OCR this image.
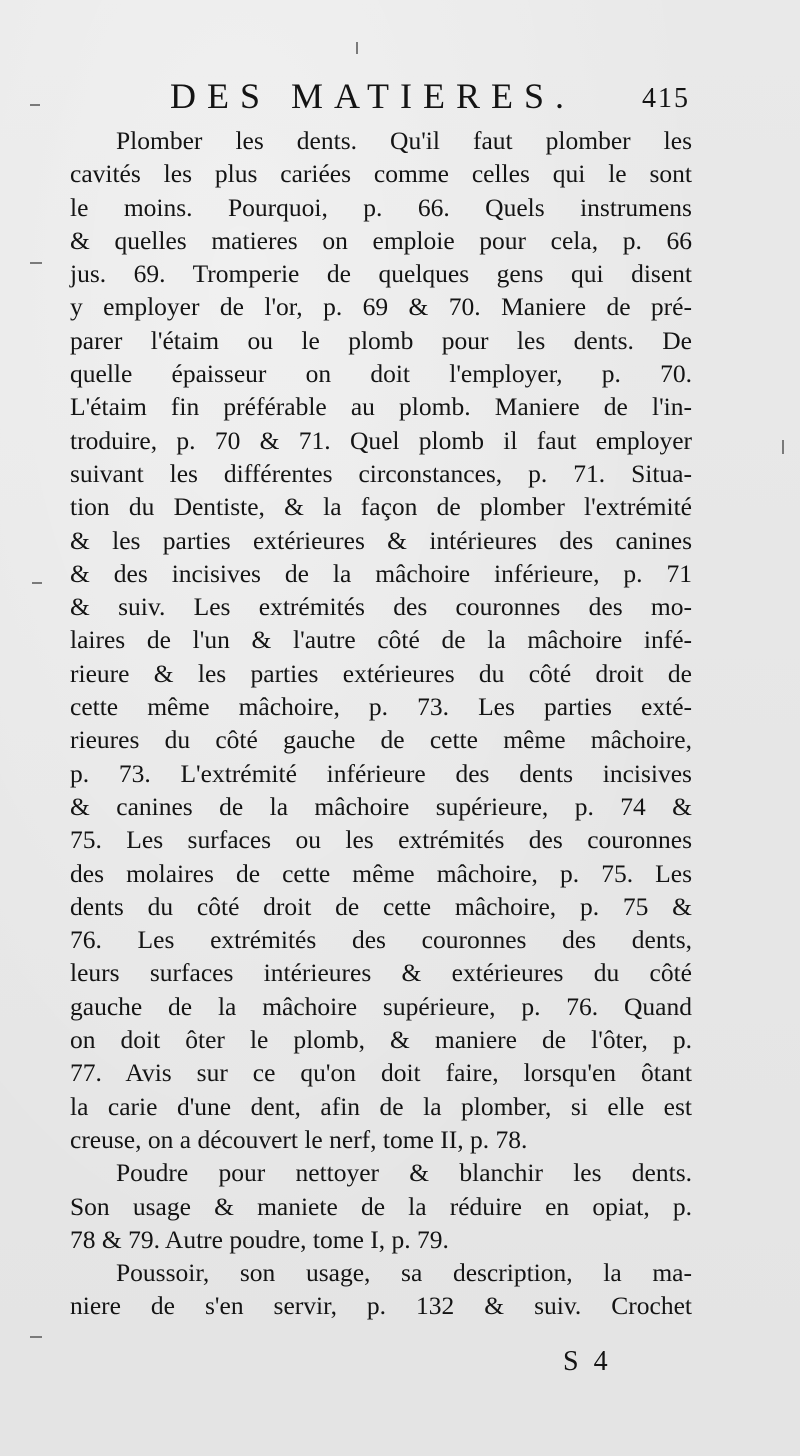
DES MATIERES. 415
Plomber les dents. Qu'il faut plomber les
cavités les plus cariées comme celles qui le sont
le moins. Pourquoi, p. 66. Quels instrumens
& quelles matieres on emploie pour cela, p. 66
jus. 69. Tromperie de quelques gens qui disent
y employer de l'or, p. 69 & 70. Maniere de pré-
parer l'étaim ou le plomb pour les dents. De
quelle épaisseur on doit l'employer, p. 70.
L'étaim fin préférable au plomb. Maniere de l'in-
troduire, p. 70 & 71. Quel plomb il faut employer
suivant les différentes circonstances, p. 71. Situa-
tion du Dentiste, & la façon de plomber l'extrémité
& les parties extérieures & intérieures des canines
& des incisives de la mâchoire inférieure, p. 71
& suiv. Les extrémités des couronnes des mo-
laires de l'un & l'autre côté de la mâchoire infé-
rieure & les parties extérieures du côté droit de
cette même mâchoire, p. 73. Les parties exté-
rieures du côté gauche de cette même mâchoire,
p. 73. L'extrémité inférieure des dents incisives
& canines de la mâchoire supérieure, p. 74 &
75. Les surfaces ou les extrémités des couronnes
des molaires de cette même mâchoire, p. 75. Les
dents du côté droit de cette mâchoire, p. 75 &
76. Les extrémités des couronnes des dents,
leurs surfaces intérieures & extérieures du côté
gauche de la mâchoire supérieure, p. 76. Quand
on doit ôter le plomb, & maniere de l'ôter, p.
77. Avis sur ce qu'on doit faire, lorsqu'en ôtant
la carie d'une dent, afin de la plomber, si elle est
creuse, on a découvert le nerf, tome II, p. 78.
Poudre pour nettoyer & blanchir les dents.
Son usage & maniete de la réduire en opiat, p.
78 & 79. Autre poudre, tome I, p. 79.
Poussoir, son usage, sa description, la ma-
niere de s'en servir, p. 132 & suiv. Crochet
S 4
